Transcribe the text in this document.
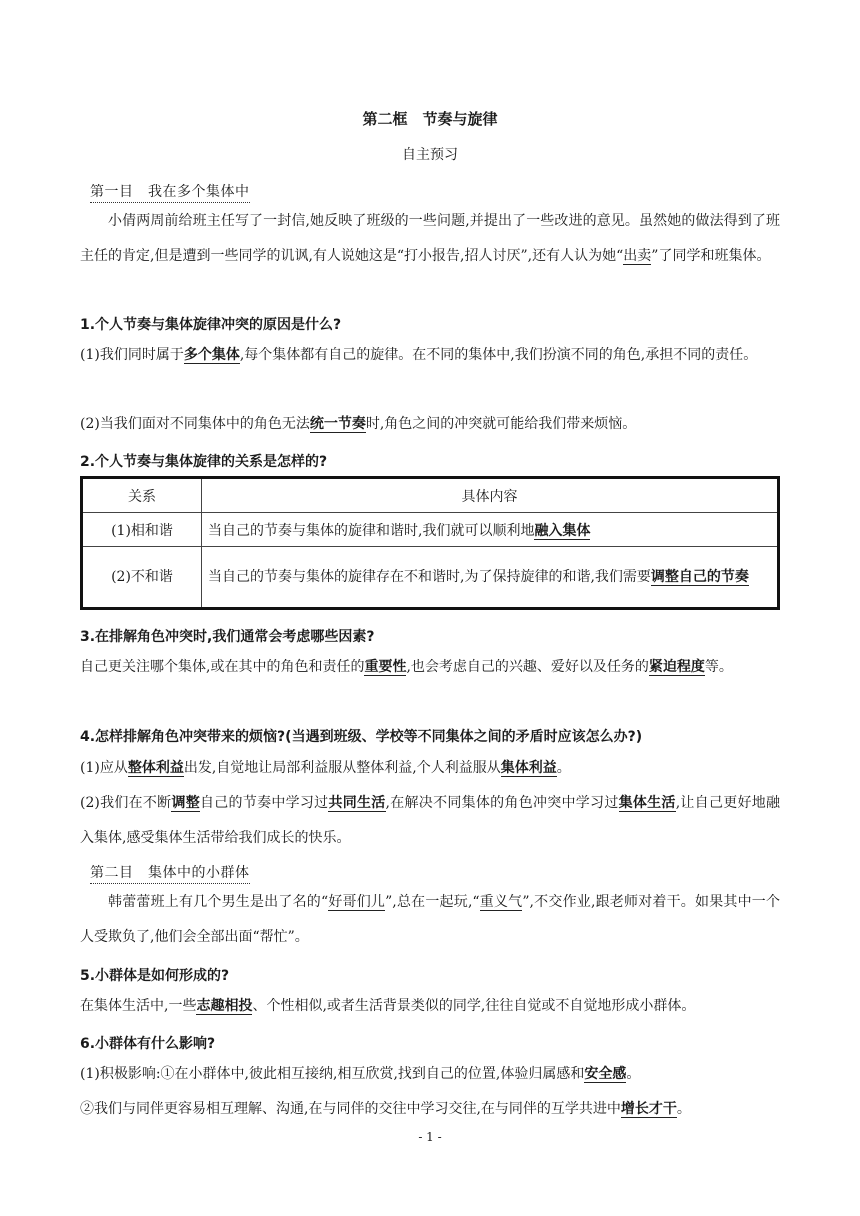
第二框　节奏与旋律
自主预习
第一目　我在多个集体中
小倩两周前给班主任写了一封信,她反映了班级的一些问题,并提出了一些改进的意见。虽然她的做法得到了班主任的肯定,但是遭到一些同学的讥讽,有人说她这是“打小报告,招人讨厌”,还有人认为她“出卖”了同学和班集体。
1.个人节奏与集体旋律冲突的原因是什么?
(1)我们同时属于多个集体,每个集体都有自己的旋律。在不同的集体中,我们扮演不同的角色,承担不同的责任。
(2)当我们面对不同集体中的角色无法统一节奏时,角色之间的冲突就可能给我们带来烦恼。
2.个人节奏与集体旋律的关系是怎样的?
关系	具体内容
(1)相和谐	当自己的节奏与集体的旋律和谐时,我们就可以顺利地融入集体
(2)不和谐	当自己的节奏与集体的旋律存在不和谐时,为了保持旋律的和谐,我们需要调整自己的节奏
3.在排解角色冲突时,我们通常会考虑哪些因素?
自己更关注哪个集体,或在其中的角色和责任的重要性,也会考虑自己的兴趣、爱好以及任务的紧迫程度等。
4.怎样排解角色冲突带来的烦恼?(当遇到班级、学校等不同集体之间的矛盾时应该怎么办?)
(1)应从整体利益出发,自觉地让局部利益服从整体利益,个人利益服从集体利益。
(2)我们在不断调整自己的节奏中学习过共同生活,在解决不同集体的角色冲突中学习过集体生活,让自己更好地融入集体,感受集体生活带给我们成长的快乐。
第二目　集体中的小群体
韩蕾蕾班上有几个男生是出了名的“好哥们儿”,总在一起玩,“重义气”,不交作业,跟老师对着干。如果其中一个人受欺负了,他们会全部出面“帮忙”。
5.小群体是如何形成的?
在集体生活中,一些志趣相投、个性相似,或者生活背景类似的同学,往往自觉或不自觉地形成小群体。
6.小群体有什么影响?
(1)积极影响:①在小群体中,彼此相互接纳,相互欣赏,找到自己的位置,体验归属感和安全感。
②我们与同伴更容易相互理解、沟通,在与同伴的交往中学习交往,在与同伴的互学共进中增长才干。
- 1 -
